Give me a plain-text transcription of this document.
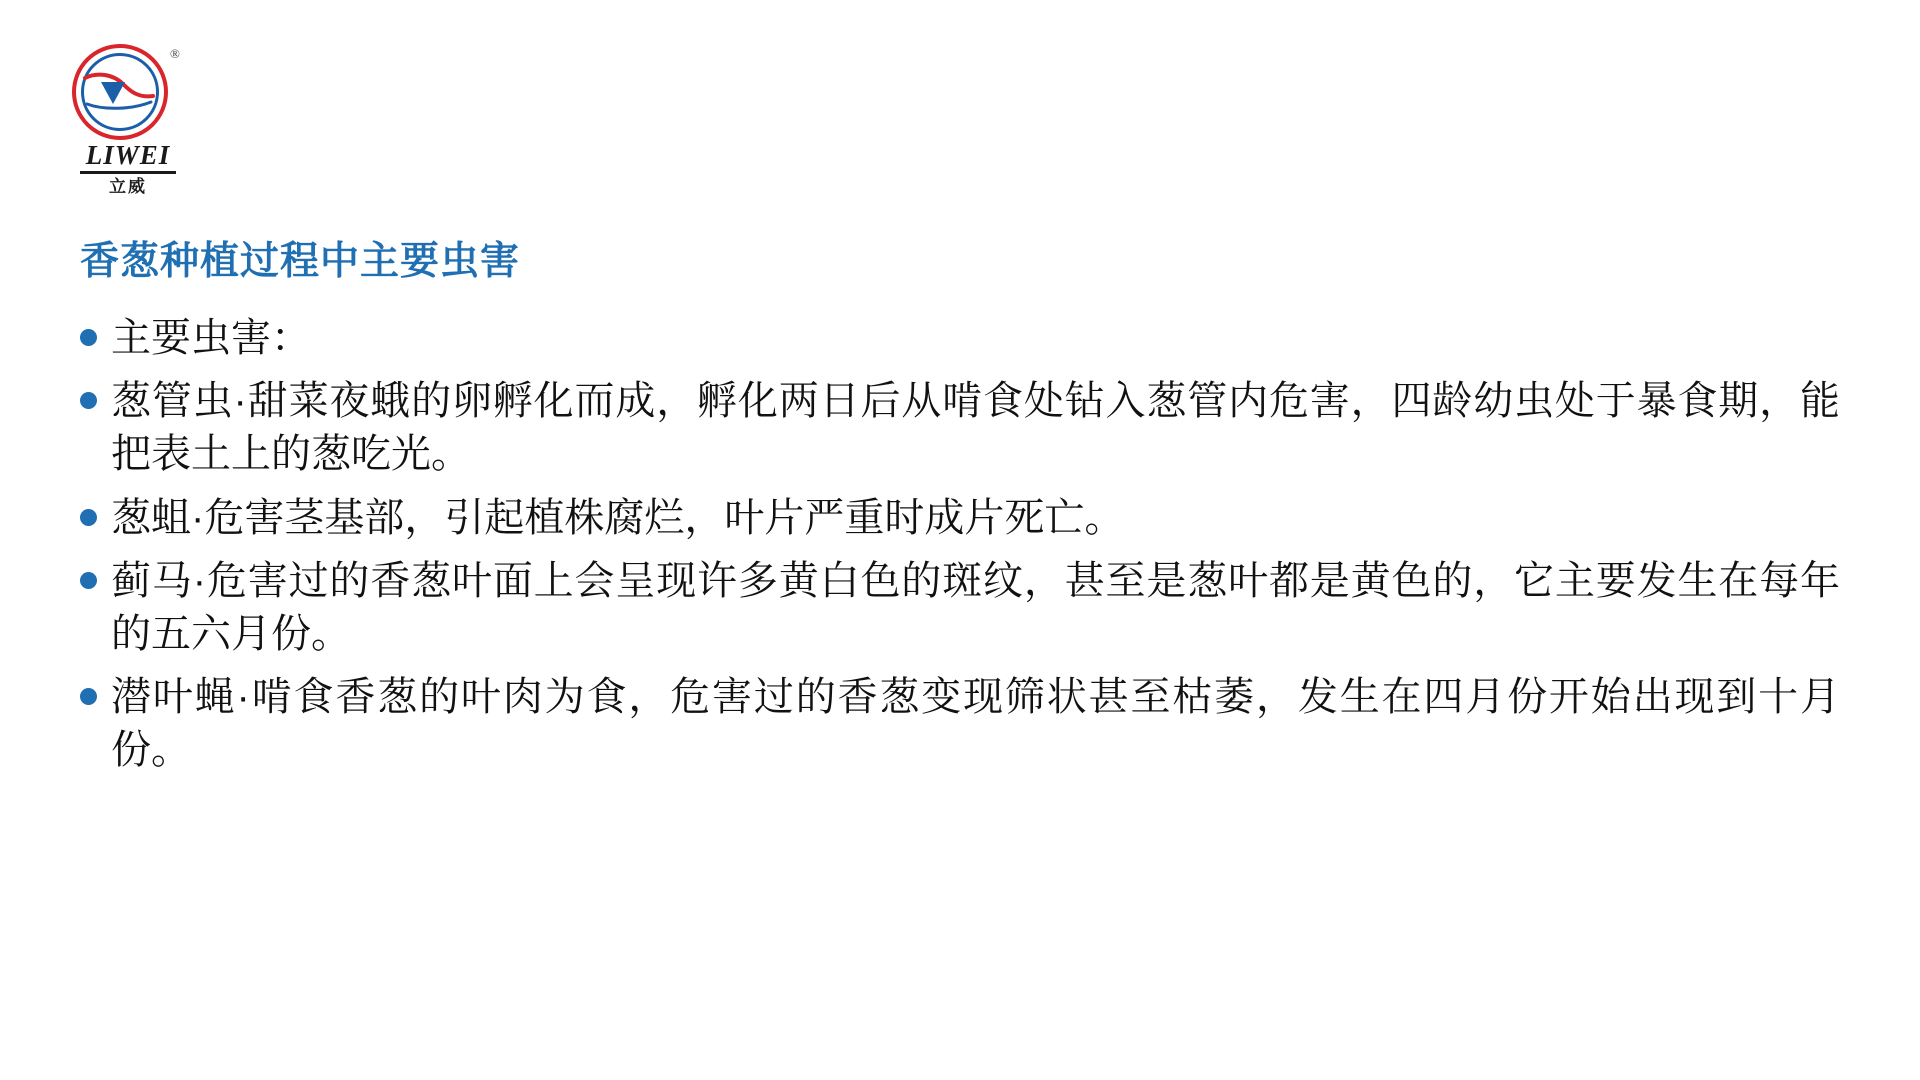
®
LIWEI
立威
香葱种植过程中主要虫害
主要虫害：
葱管虫·甜菜夜蛾的卵孵化而成，孵化两日后从啃食处钻入葱管内危害，四龄幼虫处于暴食期，能把表土上的葱吃光。
葱蛆·危害茎基部，引起植株腐烂，叶片严重时成片死亡。
蓟马·危害过的香葱叶面上会呈现许多黄白色的斑纹，甚至是葱叶都是黄色的，它主要发生在每年的五六月份。
潜叶蝇·啃食香葱的叶肉为食，危害过的香葱变现筛状甚至枯萎，发生在四月份开始出现到十月份。
